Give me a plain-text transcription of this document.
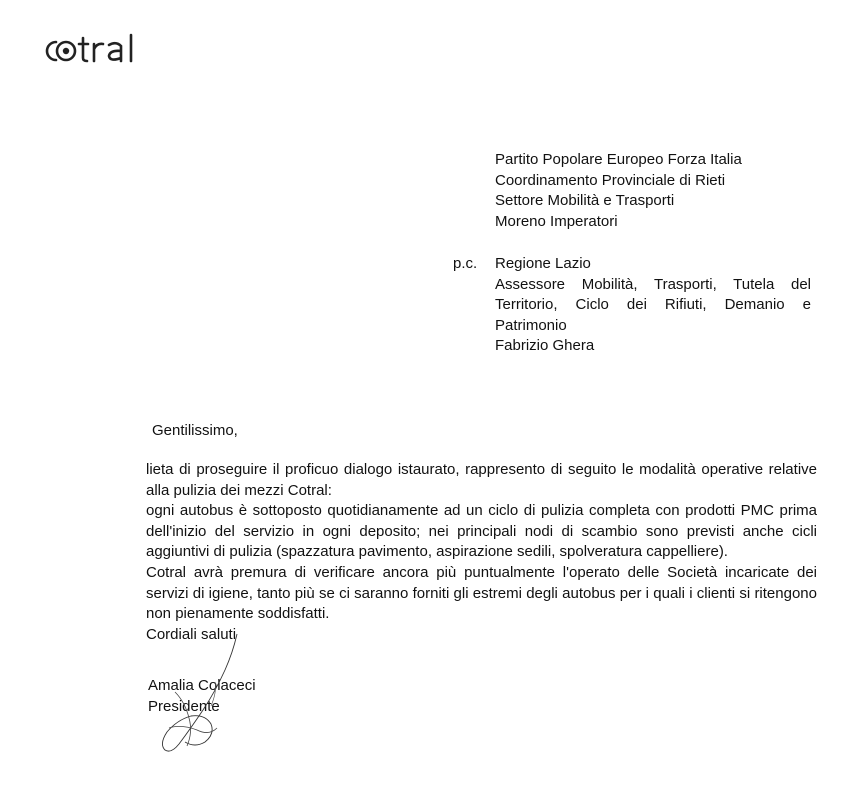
Partito Popolare Europeo Forza Italia
Coordinamento Provinciale di Rieti
Settore Mobilità e Trasporti
Moreno Imperatori
p.c. Regione Lazio
Assessore Mobilità, Trasporti, Tutela del Territorio, Ciclo dei Rifiuti, Demanio e Patrimonio
Fabrizio Ghera
Gentilissimo,
lieta di proseguire il proficuo dialogo istaurato, rappresento di seguito le modalità operative relative alla pulizia dei mezzi Cotral:
ogni autobus è sottoposto quotidianamente ad un ciclo di pulizia completa con prodotti PMC prima dell'inizio del servizio in ogni deposito; nei principali nodi di scambio sono previsti anche cicli aggiuntivi di pulizia (spazzatura pavimento, aspirazione sedili, spolveratura cappelliere).
Cotral avrà premura di verificare ancora più puntualmente l'operato delle Società incaricate dei servizi di igiene, tanto più se ci saranno forniti gli estremi degli autobus per i quali i clienti si ritengono non pienamente soddisfatti.
Cordiali saluti
Amalia Colaceci
Presidente
